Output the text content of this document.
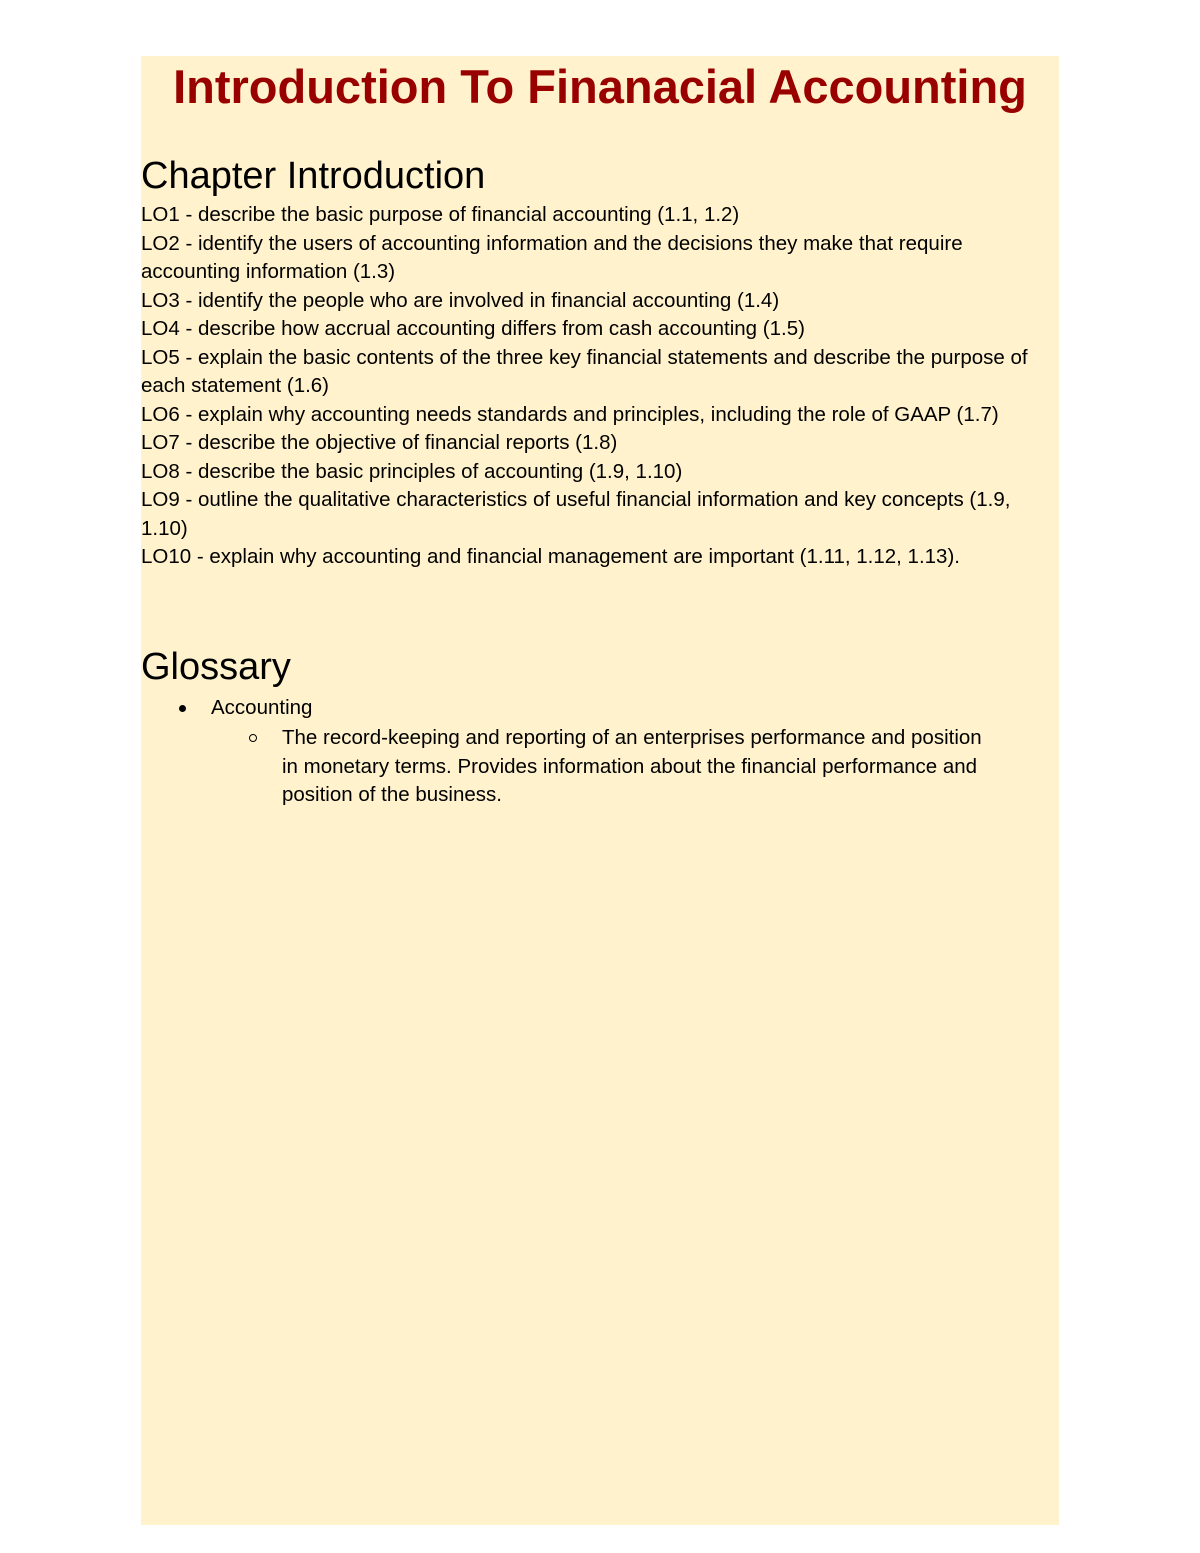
Introduction To Finanacial Accounting
Chapter Introduction
LO1 - describe the basic purpose of financial accounting (1.1, 1.2)
LO2 - identify the users of accounting information and the decisions they make that require accounting information (1.3)
LO3 - identify the people who are involved in financial accounting (1.4)
LO4 - describe how accrual accounting differs from cash accounting (1.5)
LO5 - explain the basic contents of the three key financial statements and describe the purpose of each statement (1.6)
LO6 - explain why accounting needs standards and principles, including the role of GAAP (1.7)
LO7 - describe the objective of financial reports (1.8)
LO8 - describe the basic principles of accounting (1.9, 1.10)
LO9 - outline the qualitative characteristics of useful financial information and key concepts (1.9, 1.10)
LO10 - explain why accounting and financial management are important (1.11, 1.12, 1.13).
Glossary
Accounting
The record-keeping and reporting of an enterprises performance and position in monetary terms. Provides information about the financial performance and position of the business.
